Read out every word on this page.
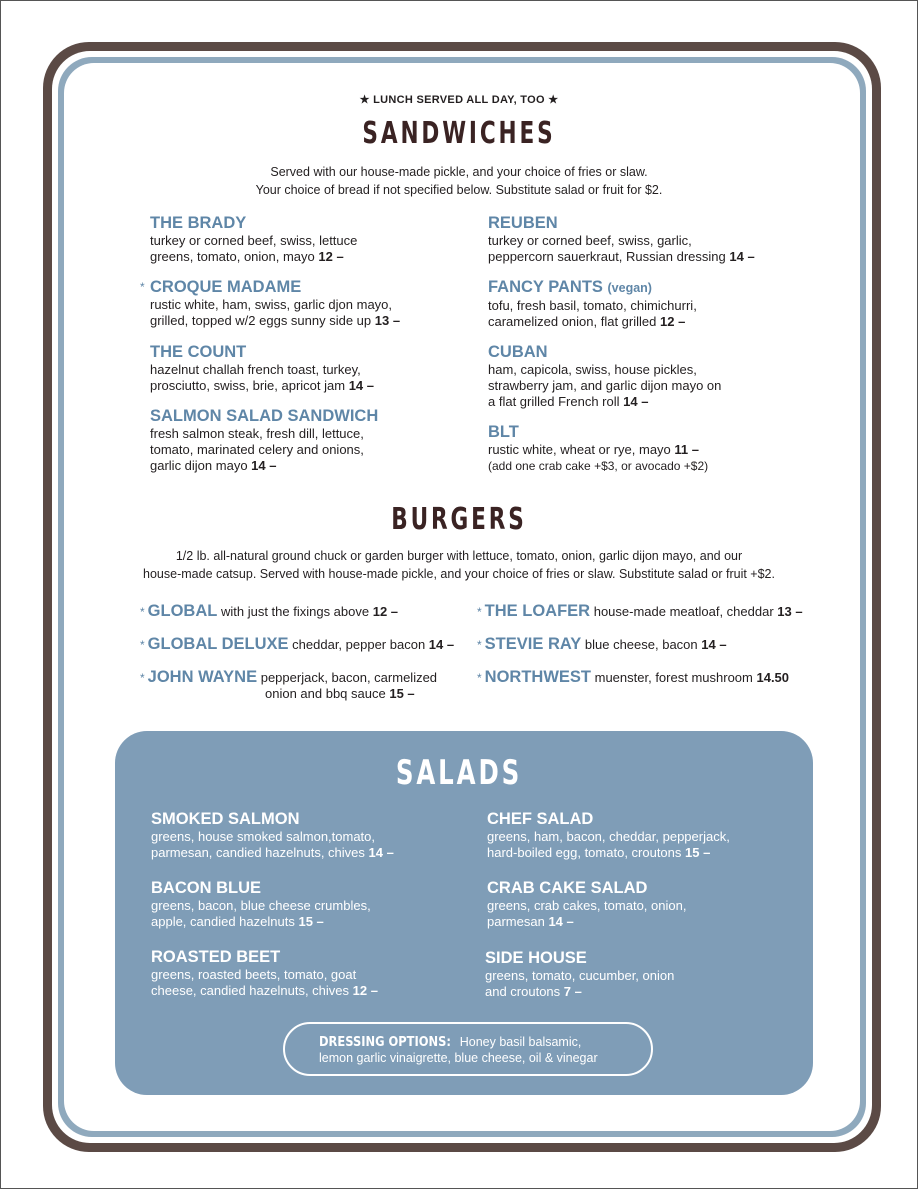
★ LUNCH SERVED ALL DAY, TOO ★
SANDWICHES
Served with our house-made pickle, and your choice of fries or slaw.
Your choice of bread if not specified below. Substitute salad or fruit for $2.
THE BRADY
turkey or corned beef, swiss, lettuce
greens, tomato, onion, mayo 12 –
* CROQUE MADAME
rustic white, ham, swiss, garlic djon mayo,
grilled, topped w/2 eggs sunny side up 13 –
THE COUNT
hazelnut challah french toast, turkey,
prosciutto, swiss, brie, apricot jam 14 –
SALMON SALAD SANDWICH
fresh salmon steak, fresh dill, lettuce,
tomato, marinated celery and onions,
garlic dijon mayo 14 –
REUBEN
turkey or corned beef, swiss, garlic,
peppercorn sauerkraut, Russian dressing 14 –
FANCY PANTS (vegan)
tofu, fresh basil, tomato, chimichurri,
caramelized onion, flat grilled 12 –
CUBAN
ham, capicola, swiss, house pickles,
strawberry jam, and garlic dijon mayo on
a flat grilled French roll 14 –
BLT
rustic white, wheat or rye, mayo 11 –
(add one crab cake +$3, or avocado +$2)
BURGERS
1/2 lb. all-natural ground chuck or garden burger with lettuce, tomato, onion, garlic dijon mayo, and our
house-made catsup. Served with house-made pickle, and your choice of fries or slaw. Substitute salad or fruit +$2.
* GLOBAL with just the fixings above 12 –
* GLOBAL DELUXE cheddar, pepper bacon 14 –
* JOHN WAYNE pepperjack, bacon, carmelized
onion and bbq sauce 15 –
* THE LOAFER house-made meatloaf, cheddar 13 –
* STEVIE RAY blue cheese, bacon 14 –
* NORTHWEST muenster, forest mushroom 14.50
SALADS
SMOKED SALMON
greens, house smoked salmon,tomato,
parmesan, candied hazelnuts, chives 14 –
BACON BLUE
greens, bacon, blue cheese crumbles,
apple, candied hazelnuts 15 –
ROASTED BEET
greens, roasted beets, tomato, goat
cheese, candied hazelnuts, chives 12 –
CHEF SALAD
greens, ham, bacon, cheddar, pepperjack,
hard-boiled egg, tomato, croutons 15 –
CRAB CAKE SALAD
greens, crab cakes, tomato, onion,
parmesan 14 –
SIDE HOUSE
greens, tomato, cucumber, onion
and croutons 7 –
DRESSING OPTIONS: Honey basil balsamic,
lemon garlic vinaigrette, blue cheese, oil & vinegar
